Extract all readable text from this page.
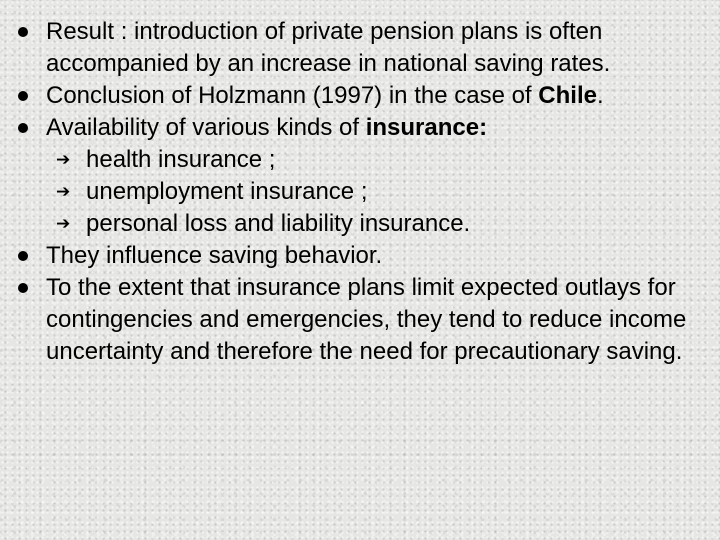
Result : introduction of private pension plans is often accompanied by an increase in national saving rates.
Conclusion of Holzmann (1997) in the case of Chile.
Availability of various kinds of insurance:
➔ health insurance ;
➔ unemployment insurance ;
➔ personal loss and liability insurance.
They influence saving behavior.
To the extent that insurance plans limit expected outlays for contingencies and emergencies, they tend to reduce income uncertainty and therefore the need for precautionary saving.
